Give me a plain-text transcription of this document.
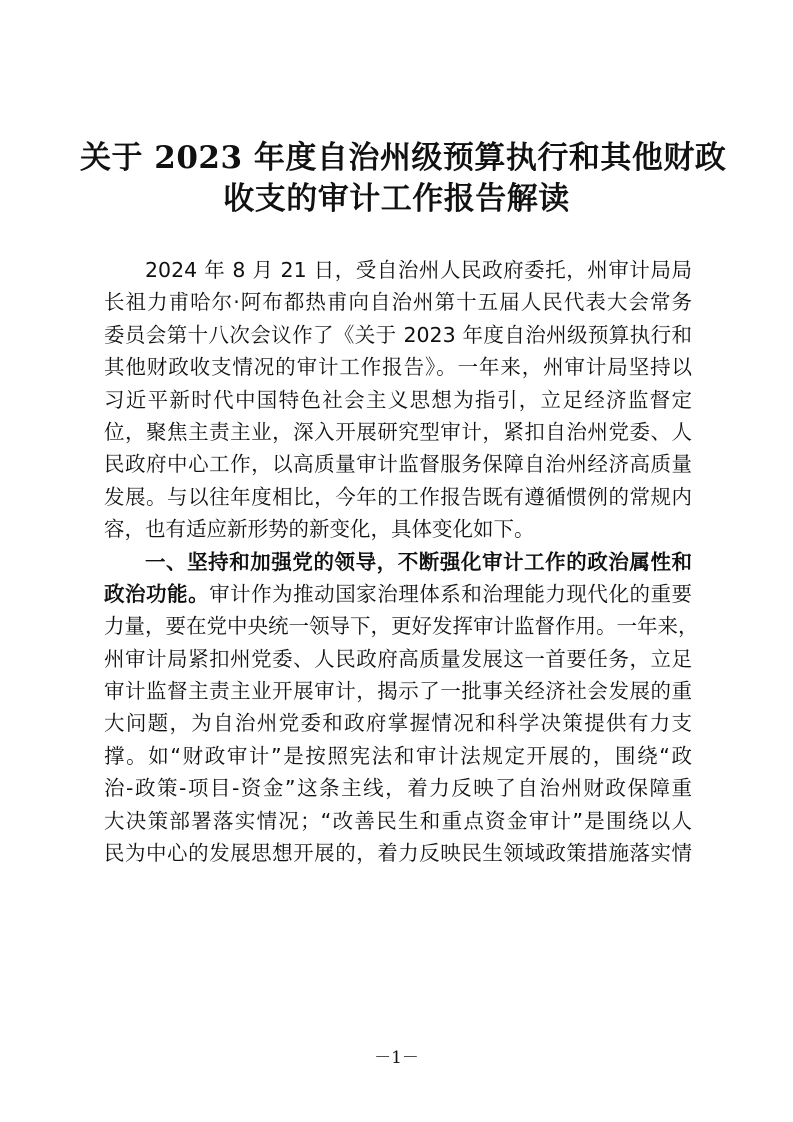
关于 2023 年度自治州级预算执行和其他财政
收支的审计工作报告解读
2024 年 8 月 21 日，受自治州人民政府委托，州审计局局
长祖力甫哈尔·阿布都热甫向自治州第十五届人民代表大会常务
委员会第十八次会议作了《关于 2023 年度自治州级预算执行和
其他财政收支情况的审计工作报告》。一年来，州审计局坚持以
习近平新时代中国特色社会主义思想为指引，立足经济监督定
位，聚焦主责主业，深入开展研究型审计，紧扣自治州党委、人
民政府中心工作，以高质量审计监督服务保障自治州经济高质量
发展。与以往年度相比，今年的工作报告既有遵循惯例的常规内
容，也有适应新形势的新变化，具体变化如下。
一、坚持和加强党的领导，不断强化审计工作的政治属性和
政治功能。审计作为推动国家治理体系和治理能力现代化的重要
力量，要在党中央统一领导下，更好发挥审计监督作用。一年来，
州审计局紧扣州党委、人民政府高质量发展这一首要任务，立足
审计监督主责主业开展审计，揭示了一批事关经济社会发展的重
大问题，为自治州党委和政府掌握情况和科学决策提供有力支
撑。如“财政审计”是按照宪法和审计法规定开展的，围绕“政
治-政策-项目-资金”这条主线，着力反映了自治州财政保障重
大决策部署落实情况；“改善民生和重点资金审计”是围绕以人
民为中心的发展思想开展的，着力反映民生领域政策措施落实情
－1－
